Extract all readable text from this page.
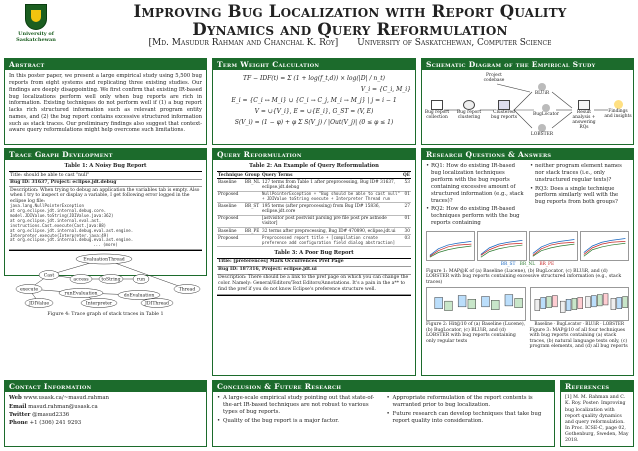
University of Saskatchewan
Improving Bug Localization with Report Quality
Dynamics and Query Reformulation
[Md. Masudur Rahman and Chanchal K. Roy] University of Saskatchewan, Computer Science
Abstract
In this poster paper, we present a large empirical study using 5,500 bug reports from eight systems and replicating three existing studies. Our findings are deeply disappointing. We first confirm that existing IR-based bug localizations perform well only when bug reports are rich in information. Existing techniques do not perform well if (1) a bug report lacks rich structured information such as relevant program entity names, and (2) the bug report contains excessive structured information such as stack traces. Our preliminary findings also suggest that context-aware query reformulations might help overcome such limitations.
Trace Graph Development
Table 1: A Noisy Bug Report
Title: should be able to cast "null"
Bug ID: 31637, Project: eclipse.jdt.debug
Description: When trying to debug an application the variables tab is empty. Also when I try to inspect or display a variable, I get following error logged in the eclipse log file:
java.lang.NullPointerException
at org.eclipse.jdt.internal.debug.core.
model.JDIValue.toString(JDIValue.java:362)
at org.eclipse.jdt.internal.eval.ast.
instructions.Cast.execute(Cast.java:88)
at org.eclipse.jdt.internal.debug.eval.ast.engine.
Interpreter.execute(Interpreter.java:49)
at org.eclipse.jdt.internal.debug.eval.ast.engine.
... (more)
EvaluationThread
Cast
access	toString	run
execute
runEvaluation
Thread
doEvaluation
JDIValue	Interpreter	JDIThread
Figure 4: Trace graph of stack traces in Table 1
Contact Information
Web www.usask.ca/~masud.rahman
Email masud.rahman@usask.ca
Twitter @masud2336
Phone +1 (306) 241 9293
Term Weight Calculation
TF − IDF(t) = Σ (1 + log(f_t,d)) × log(|D| / n_t)
V_i = {C_i, M_i}
E_i = {C_i ↔ M_i} ∪ {C_i → C_j, M_i → M_j} | j = i − 1
V = ∪{V_i}, E = ∪{E_i}, G_ST = (V, E)
S(V_i) = (1 − φ) + φ Σ S(V_j) / |Out(V_j)| (0 ≤ φ ≤ 1)
Query Reformulation
Table 2: An Example of Query Reformulation
Technique	Group	Query Terms	QE
Baseline	BR_NL	127 terms from Table 1 after preprocessing, Bug ID# 31637, eclipse.jdt.debug	53
Proposed		NullPointerException + "Bug should be able to cast null" + JDIValue toString execute + Interpreter Thread run	01
Baseline	BR_ST	195 terms (after preprocessing) from Bug ID# 15836, eclipse.jdt.core	27
Proposed		[astvisitor post postvisit parsing pre file post pre astnode visitor]	01
Baseline	BR_PE	32 terms after preprocessing, Bug ID# 470890, eclipse.jdt.ui	30
Proposed		Preprocessed report title + [compilation create preference add configuration field dialog abstraction]	03
Table 3: A Poor Bug Report
Title: [preferences] Mark Occurrences Pref Page
Bug ID: 187316, Project: eclipse.jdt.ui
Description: There should be a link to the pref page on which you can change the color. Namely: General/Editors/Text Editors/Annotations. It's a pain in the a** to find the pref if you do not know Eclipse's preference structure well.
Conclusion & Future Research
• A large-scale empirical study pointing out that state-of-the-art IR-based techniques are not robust to various types of bug reports.
• Quality of the bug report is a major factor.
• Appropriate reformulation of the report contents is warranted prior to bug localization.
• Future research can develop techniques that take bug report quality into consideration.
Schematic Diagram of the Empirical Study
Bug report collection
Project codebase
Bug report clustering
Clustered bug reports
BLUiR
BugLocator
LOBSTER
Result analysis + answering RQs
Findings and insights
Research Questions & Answers
• RQ1: How do existing IR-based bug localization techniques perform with the bug reports containing excessive amount of structured information (e.g., stack traces)?
• RQ2: How do existing IR-based techniques perform with the bug reports containing
• neither program element names nor stack traces (i.e., only unstructured regular texts)?
• RQ3: Does a single technique perform similarly well with the bug reports from both groups?
BR_ST BR_NL BR_PE
Figure 1: MAP@K of (a) Baseline (Lucene), (b) BugLocator, (c) BLUiR, and (d) LOBSTER with bug reports containing excessive structured information (e.g., stack traces)
Figure 2: Hit@10 of (a) Baseline (Lucene), (b) BugLocator, (c) BLUiR, and (d) LOBSTER with bug reports containing only regular texts
Baseline · BugLocator · BLUiR · LOBSTER
Figure 3: MAP@10 of all four techniques with bug reports containing (a) stack traces, (b) natural language texts only, (c) program elements, and (d) all bug reports
References
[1] M. M. Rahman and C. K. Roy. Poster: Improving bug localization with report quality dynamics and query reformulation. In Proc. ICSE-C, page 02, Gothenburg, Sweden, May 2018.
